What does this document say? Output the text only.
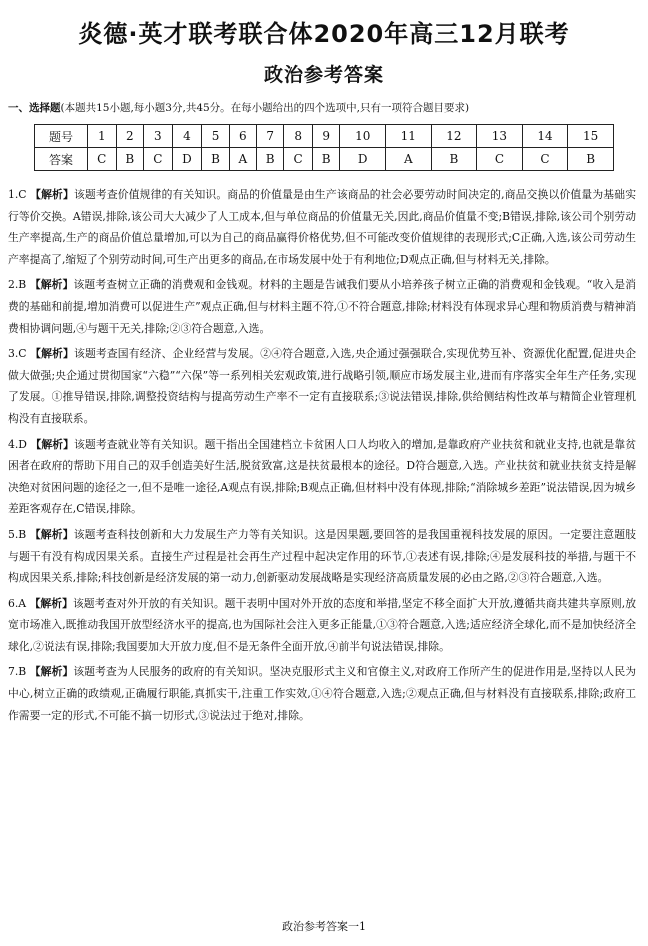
炎德·英才联考联合体2020年高三12月联考
政治参考答案
一、选择题(本题共15小题,每小题3分,共45分。在每小题给出的四个选项中,只有一项符合题目要求)
题号	1	2	3	4	5	6	7	8	9	10	11	12	13	14	15
答案	C	B	C	D	B	A	B	C	B	D	A	B	C	C	B

1.C 【解析】该题考查价值规律的有关知识。商品的价值量是由生产该商品的社会必要劳动时间决定的,商品交换以价值量为基础实行等价交换。A错误,排除,该公司大大减少了人工成本,但与单位商品的价值量无关,因此,商品价值量不变;B错误,排除,该公司个别劳动生产率提高,生产的商品价值总量增加,可以为自己的商品赢得价格优势,但不可能改变价值规律的表现形式;C正确,入选,该公司劳动生产率提高了,缩短了个别劳动时间,可生产出更多的商品,在市场发展中处于有利地位;D观点正确,但与材料无关,排除。

2.B 【解析】该题考查树立正确的消费观和金钱观。材料的主题是告诫我们要从小培养孩子树立正确的消费观和金钱观。“收入是消费的基础和前提,增加消费可以促进生产”观点正确,但与材料主题不符,①不符合题意,排除;材料没有体现求异心理和物质消费与精神消费相协调问题,④与题干无关,排除;②③符合题意,入选。

3.C 【解析】该题考查国有经济、企业经营与发展。②④符合题意,入选,央企通过强强联合,实现优势互补、资源优化配置,促进央企做大做强;央企通过贯彻国家“六稳”“六保”等一系列相关宏观政策,进行战略引领,顺应市场发展主业,进而有序落实全年生产任务,实现了发展。①推导错误,排除,调整投资结构与提高劳动生产率不一定有直接联系;③说法错误,排除,供给侧结构性改革与精简企业管理机构没有直接联系。

4.D 【解析】该题考查就业等有关知识。题干指出全国建档立卡贫困人口人均收入的增加,是靠政府产业扶贫和就业支持,也就是靠贫困者在政府的帮助下用自己的双手创造美好生活,脱贫致富,这是扶贫最根本的途径。D符合题意,入选。产业扶贫和就业扶贫支持是解决绝对贫困问题的途径之一,但不是唯一途径,A观点有误,排除;B观点正确,但材料中没有体现,排除;“消除城乡差距”说法错误,因为城乡差距客观存在,C错误,排除。

5.B 【解析】该题考查科技创新和大力发展生产力等有关知识。这是因果题,要回答的是我国重视科技发展的原因。一定要注意题肢与题干有没有构成因果关系。直接生产过程是社会再生产过程中起决定作用的环节,①表述有误,排除;④是发展科技的举措,与题干不构成因果关系,排除;科技创新是经济发展的第一动力,创新驱动发展战略是实现经济高质量发展的必由之路,②③符合题意,入选。

6.A 【解析】该题考查对外开放的有关知识。题干表明中国对外开放的态度和举措,坚定不移全面扩大开放,遵循共商共建共享原则,放宽市场准入,既推动我国开放型经济水平的提高,也为国际社会注入更多正能量,①③符合题意,入选;适应经济全球化,而不是加快经济全球化,②说法有误,排除;我国要加大开放力度,但不是无条件全面开放,④前半句说法错误,排除。

7.B 【解析】该题考查为人民服务的政府的有关知识。坚决克服形式主义和官僚主义,对政府工作所产生的促进作用是,坚持以人民为中心,树立正确的政绩观,正确履行职能,真抓实干,注重工作实效,①④符合题意,入选;②观点正确,但与材料没有直接联系,排除;政府工作需要一定的形式,不可能不搞一切形式,③说法过于绝对,排除。

政治参考答案一1
